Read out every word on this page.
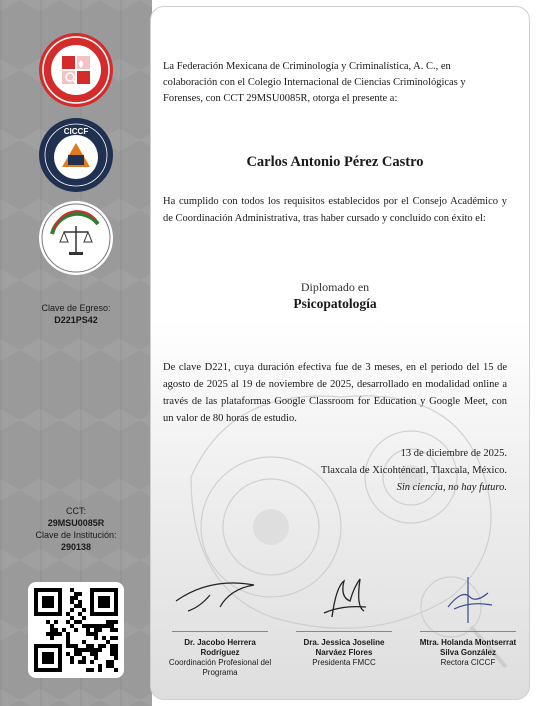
CICCF
Clave de Egreso:
D221PS42
CCT:
29MSU0085R
Clave de Institución:
290138

La Federación Mexicana de Criminología y Criminalística, A. C., en colaboración con el Colegio Internacional de Ciencias Criminológicas y Forenses, con CCT 29MSU0085R, otorga el presente a:

Carlos Antonio Pérez Castro

Ha cumplido con todos los requisitos establecidos por el Consejo Académico y de Coordinación Administrativa, tras haber cursado y concluido con éxito el:

Diplomado en
Psicopatología

De clave D221, cuya duración efectiva fue de 3 meses, en el periodo del 15 de agosto de 2025 al 19 de noviembre de 2025, desarrollado en modalidad online a través de las plataformas Google Classroom for Education y Google Meet, con un valor de 80 horas de estudio.

13 de diciembre de 2025.
Tlaxcala de Xicohténcatl, Tlaxcala, México.
Sin ciencia, no hay futuro.
Dr. Jacobo Herrera Rodríguez
Coordinación Profesional del Programa
Dra. Jessica Joseline Narváez Flores
Presidenta FMCC
Mtra. Holanda Montserrat Silva González
Rectora CICCF
